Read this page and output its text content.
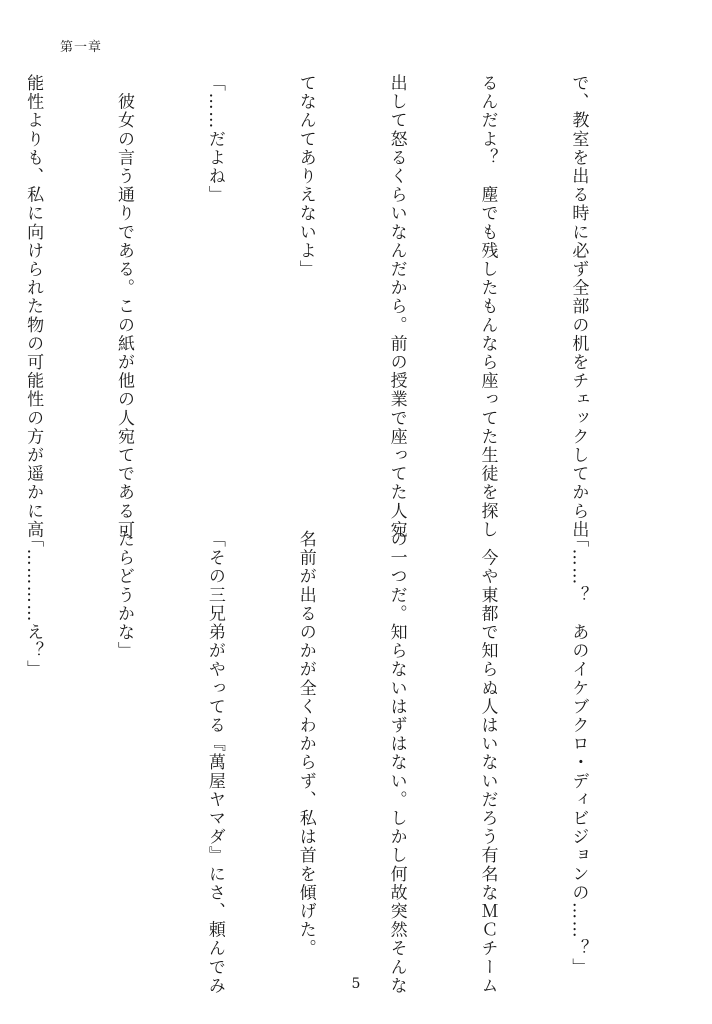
第一章

で、教室を出る時に必ず全部の机をチェックしてから出

るんだよ？　塵でも残したもんなら座ってた生徒を探し

出して怒るくらいなんだから。前の授業で座ってた人宛

てなんてありえないよ」

「……だよね」

　彼女の言う通りである。この紙が他の人宛てである可

能性よりも、私に向けられた物の可能性の方が遥かに高

「……？　あのイケブクロ・ディビジョンの……？」

　今や東都で知らぬ人はいないだろう有名なＭＣチーム

の一つだ。知らないはずはない。しかし何故突然そんな

名前が出るのかが全くわからず、私は首を傾げた。

「その三兄弟がやってる『萬屋ヤマダ』にさ、頼んでみ

たらどうかな」

「…………え？」

5
